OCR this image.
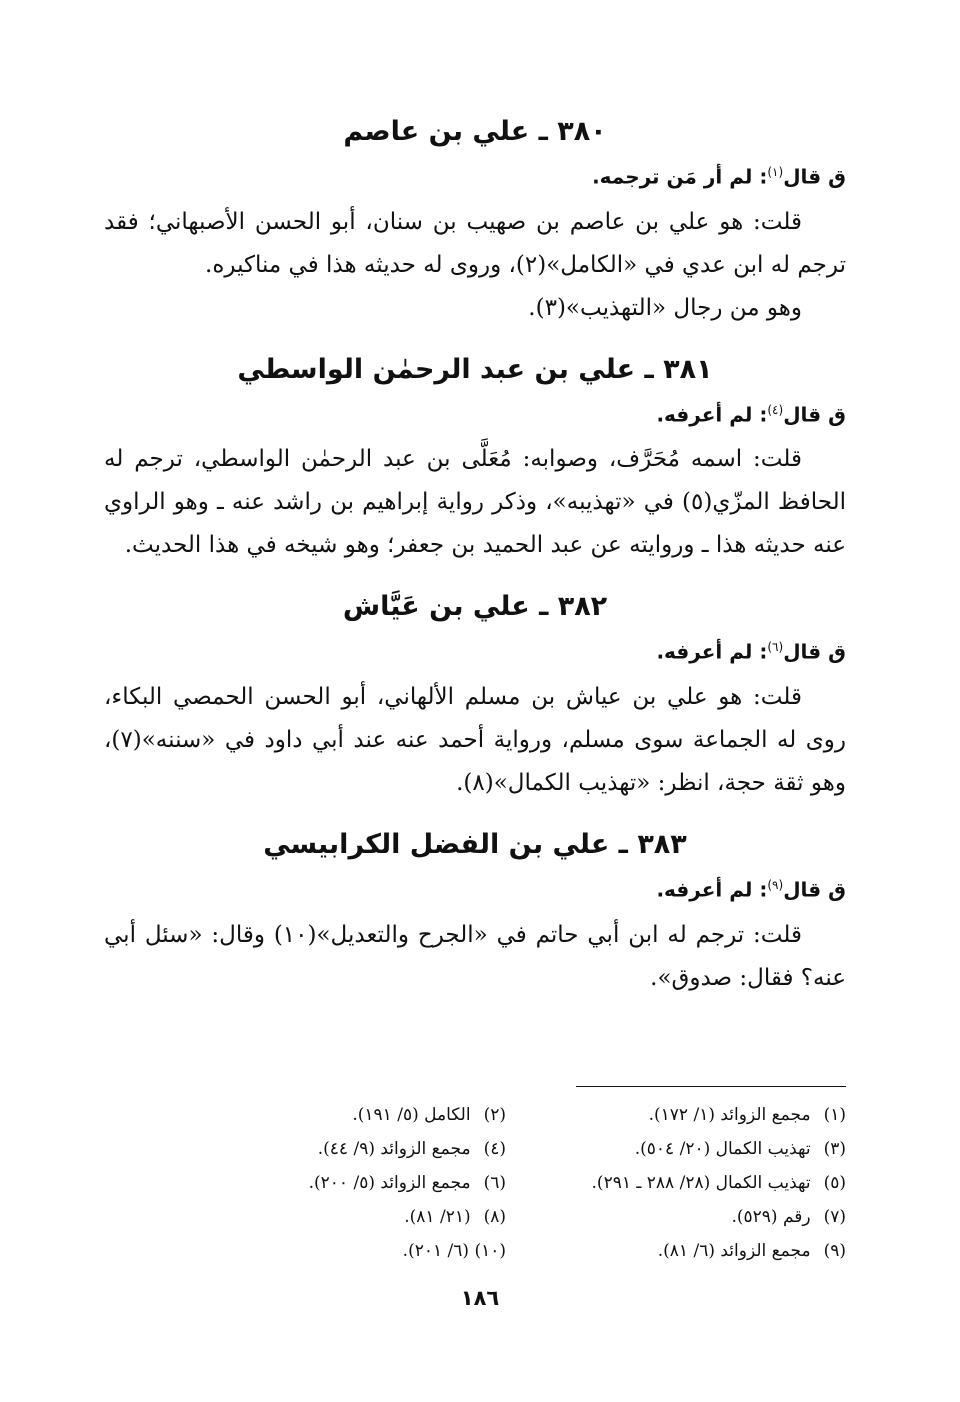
٣٨٠ ـ علي بن عاصم

ق قال$^{(١)}$: لم أر مَن ترجمه.

قلت: هو علي بن عاصم بن صهيب بن سنان، أبو الحسن الأصبهاني؛ فقد ترجم له ابن عدي في «الكامل»(٢)، وروى له حديثه هذا في مناكيره.

وهو من رجال «التهذيب»(٣).

٣٨١ ـ علي بن عبد الرحمٰن الواسطي

ق قال$^{(٤)}$: لم أعرفه.

قلت: اسمه مُحَرَّف، وصوابه: مُعَلَّى بن عبد الرحمٰن الواسطي، ترجم له الحافظ المزّي(٥) في «تهذيبه»، وذكر رواية إبراهيم بن راشد عنه ـ وهو الراوي عنه حديثه هذا ـ وروايته عن عبد الحميد بن جعفر؛ وهو شيخه في هذا الحديث.

٣٨٢ ـ علي بن عَيَّاش

ق قال$^{(٦)}$: لم أعرفه.

قلت: هو علي بن عياش بن مسلم الألهاني، أبو الحسن الحمصي البكاء، روى له الجماعة سوى مسلم، ورواية أحمد عنه عند أبي داود في «سننه»(٧)، وهو ثقة حجة، انظر: «تهذيب الكمال»(٨).

٣٨٣ ـ علي بن الفضل الكرابيسي

ق قال$^{(٩)}$: لم أعرفه.

قلت: ترجم له ابن أبي حاتم في «الجرح والتعديل»(١٠) وقال: «سئل أبي عنه؟ فقال: صدوق».

(١) مجمع الزوائد (١/ ١٧٢).
(٢) الكامل (٥/ ١٩١).
(٣) تهذيب الكمال (٢٠/ ٥٠٤).
(٤) مجمع الزوائد (٩/ ٤٤).
(٥) تهذيب الكمال (٢٨/ ٢٨٨ ـ ٢٩١).
(٦) مجمع الزوائد (٥/ ٢٠٠).
(٧) رقم (٥٢٩).
(٨) (٢١/ ٨١).
(٩) مجمع الزوائد (٦/ ٨١).
(١٠) (٦/ ٢٠١).
١٨٦
